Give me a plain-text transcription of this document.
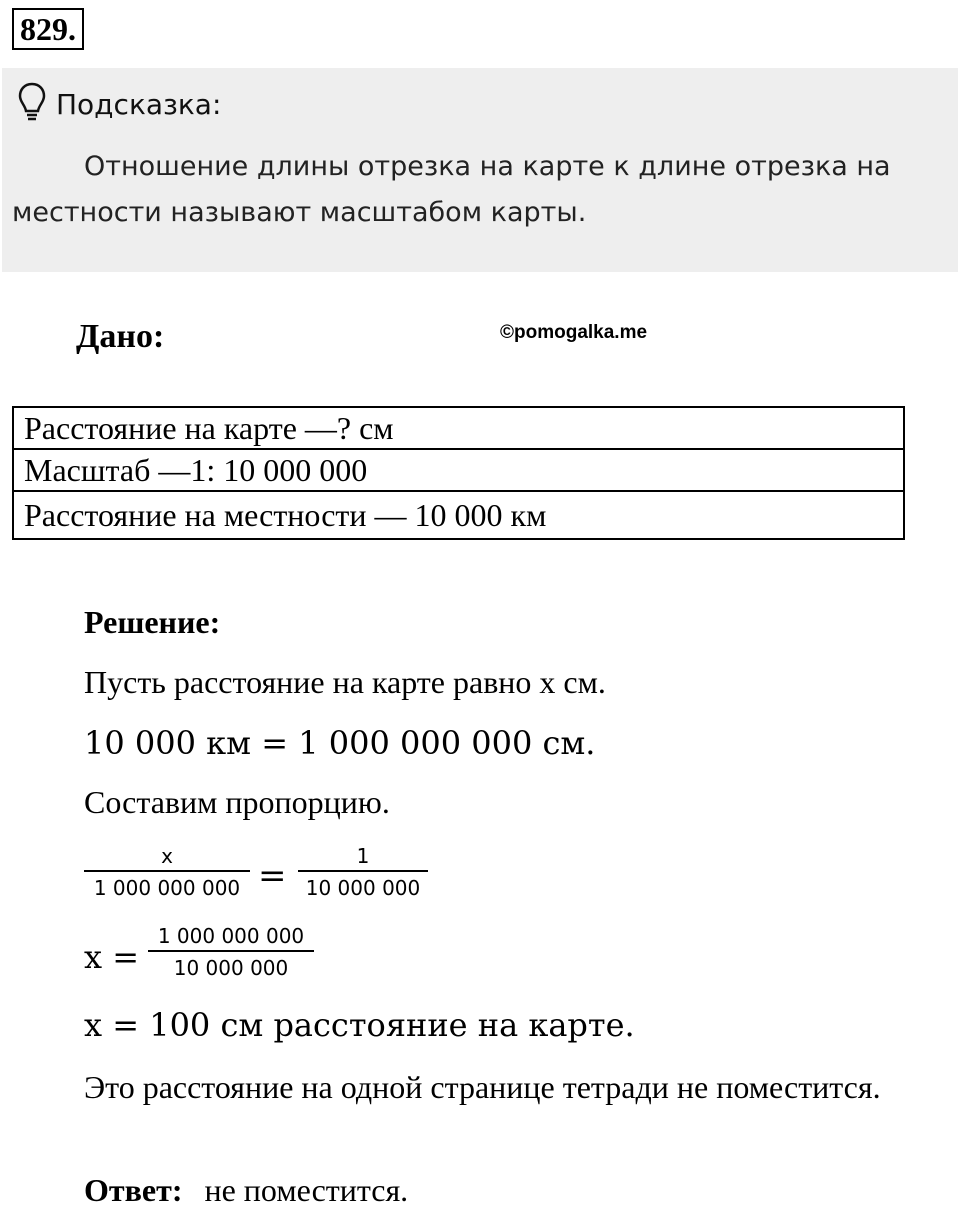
829.
Подсказка:
Отношение длины отрезка на карте к длине отрезка на местности называют масштабом карты.
Дано:	©pomogalka.me
Расстояние на карте —? см
Масштаб —1: 10 000 000
Расстояние на местности — 10 000 км
Решение:
Пусть расстояние на карте равно х см.
10 000 км = 1 000 000 000 см.
Составим пропорцию.
x
1 000 000 000 =	1
10 000 000
x =
1 000 000 000
10 000 000
x = 100 см расстояние на карте.
Это расстояние на одной странице тетради не поместится.
Ответ: не поместится.
